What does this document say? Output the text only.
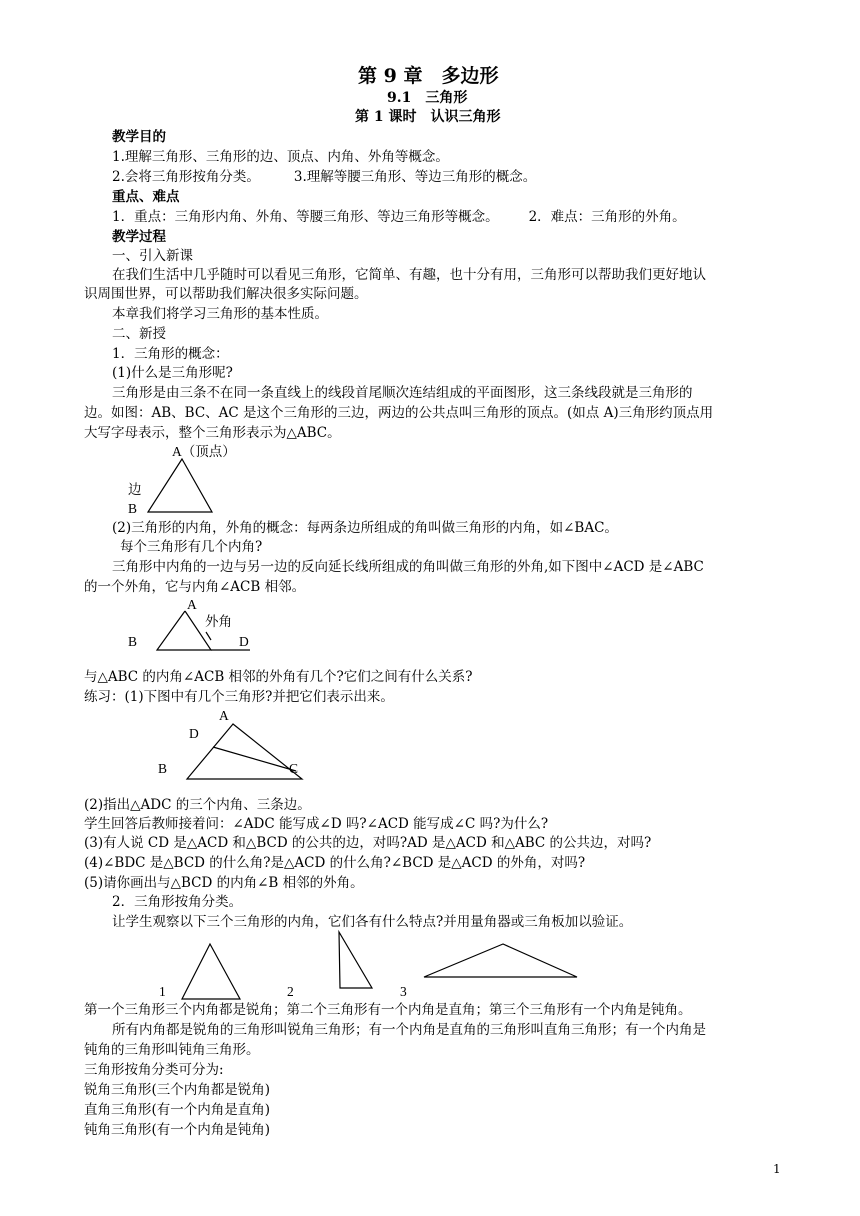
第 9 章　多边形
9.1　三角形
第 1 课时　认识三角形
教学目的
1.理解三角形、三角形的边、顶点、内角、外角等概念。
2.会将三角形按角分类。	3.理解等腰三角形、等边三角形的概念。
重点、难点
1．重点：三角形内角、外角、等腰三角形、等边三角形等概念。 2．难点：三角形的外角。
教学过程
一、引入新课
在我们生活中几乎随时可以看见三角形，它简单、有趣，也十分有用，三角形可以帮助我们更好地认
识周围世界，可以帮助我们解决很多实际问题。
本章我们将学习三角形的基本性质。
二、新授
1．三角形的概念：
(1)什么是三角形呢?
三角形是由三条不在同一条直线上的线段首尾顺次连结组成的平面图形，这三条线段就是三角形的
边。如图：AB、BC、AC 是这个三角形的三边，两边的公共点叫三角形的顶点。(如点 A)三角形约顶点用
大写字母表示，整个三角形表示为△ABC。
A（顶点）
边
B
(2)三角形的内角，外角的概念：每两条边所组成的角叫做三角形的内角，如∠BAC。
每个三角形有几个内角?
三角形中内角的一边与另一边的反向延长线所组成的角叫做三角形的外角,如下图中∠ACD 是∠ABC
的一个外角，它与内角∠ACB 相邻。
A
外角
B	D
与△ABC 的内角∠ACB 相邻的外角有几个?它们之间有什么关系?
练习：(1)下图中有几个三角形?并把它们表示出来。
A
D
B	C
(2)指出△ADC 的三个内角、三条边。
学生回答后教师接着问：∠ADC 能写成∠D 吗?∠ACD 能写成∠C 吗?为什么?
(3)有人说 CD 是△ACD 和△BCD 的公共的边，对吗?AD 是△ACD 和△ABC 的公共边，对吗?
(4)∠BDC 是△BCD 的什么角?是△ACD 的什么角?∠BCD 是△ACD 的外角，对吗?
(5)请你画出与△BCD 的内角∠B 相邻的外角。
2．三角形按角分类。
让学生观察以下三个三角形的内角，它们各有什么特点?并用量角器或三角板加以验证。
1	2	3
第一个三角形三个内角都是锐角；第二个三角形有一个内角是直角；第三个三角形有一个内角是钝角。
所有内角都是锐角的三角形叫锐角三角形；有一个内角是直角的三角形叫直角三角形；有一个内角是
钝角的三角形叫钝角三角形。
三角形按角分类可分为:
锐角三角形(三个内角都是锐角)
直角三角形(有一个内角是直角)
钝角三角形(有一个内角是钝角)
1
